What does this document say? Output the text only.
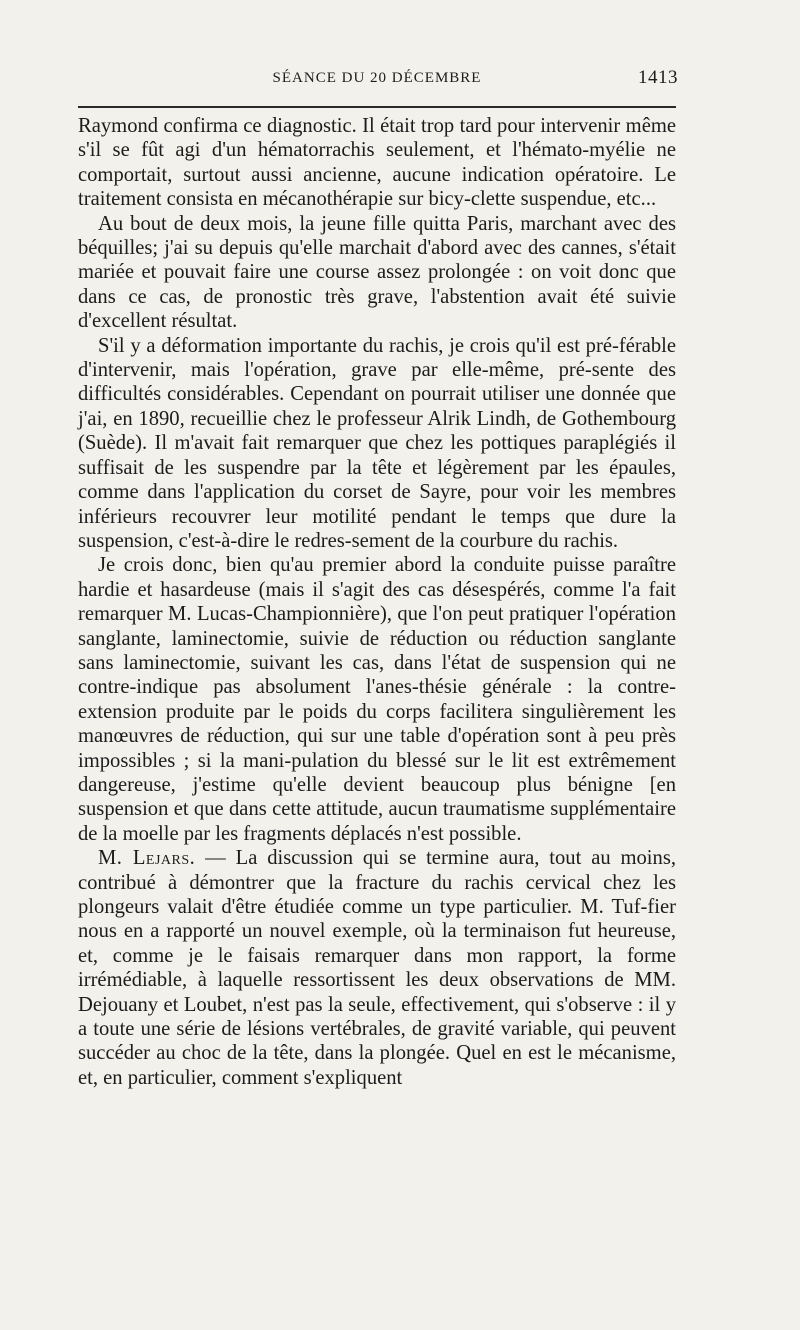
SÉANCE DU 20 DÉCEMBRE	1413

Raymond confirma ce diagnostic. Il était trop tard pour intervenir même s'il se fût agi d'un hématorrachis seulement, et l'hémato-myélie ne comportait, surtout aussi ancienne, aucune indication opératoire. Le traitement consista en mécanothérapie sur bicy-clette suspendue, etc...

Au bout de deux mois, la jeune fille quitta Paris, marchant avec des béquilles; j'ai su depuis qu'elle marchait d'abord avec des cannes, s'était mariée et pouvait faire une course assez prolongée : on voit donc que dans ce cas, de pronostic très grave, l'abstention avait été suivie d'excellent résultat.

S'il y a déformation importante du rachis, je crois qu'il est pré-férable d'intervenir, mais l'opération, grave par elle-même, pré-sente des difficultés considérables. Cependant on pourrait utiliser une donnée que j'ai, en 1890, recueillie chez le professeur Alrik Lindh, de Gothembourg (Suède). Il m'avait fait remarquer que chez les pottiques paraplégiés il suffisait de les suspendre par la tête et légèrement par les épaules, comme dans l'application du corset de Sayre, pour voir les membres inférieurs recouvrer leur motilité pendant le temps que dure la suspension, c'est-à-dire le redres-sement de la courbure du rachis.

Je crois donc, bien qu'au premier abord la conduite puisse paraître hardie et hasardeuse (mais il s'agit des cas désespérés, comme l'a fait remarquer M. Lucas-Championnière), que l'on peut pratiquer l'opération sanglante, laminectomie, suivie de réduction ou réduction sanglante sans laminectomie, suivant les cas, dans l'état de suspension qui ne contre-indique pas absolument l'anes-thésie générale : la contre-extension produite par le poids du corps facilitera singulièrement les manœuvres de réduction, qui sur une table d'opération sont à peu près impossibles ; si la mani-pulation du blessé sur le lit est extrêmement dangereuse, j'estime qu'elle devient beaucoup plus bénigne [en suspension et que dans cette attitude, aucun traumatisme supplémentaire de la moelle par les fragments déplacés n'est possible.

M. Lejars. — La discussion qui se termine aura, tout au moins, contribué à démontrer que la fracture du rachis cervical chez les plongeurs valait d'être étudiée comme un type particulier. M. Tuf-fier nous en a rapporté un nouvel exemple, où la terminaison fut heureuse, et, comme je le faisais remarquer dans mon rapport, la forme irrémédiable, à laquelle ressortissent les deux observations de MM. Dejouany et Loubet, n'est pas la seule, effectivement, qui s'observe : il y a toute une série de lésions vertébrales, de gravité variable, qui peuvent succéder au choc de la tête, dans la plongée. Quel en est le mécanisme, et, en particulier, comment s'expliquent
